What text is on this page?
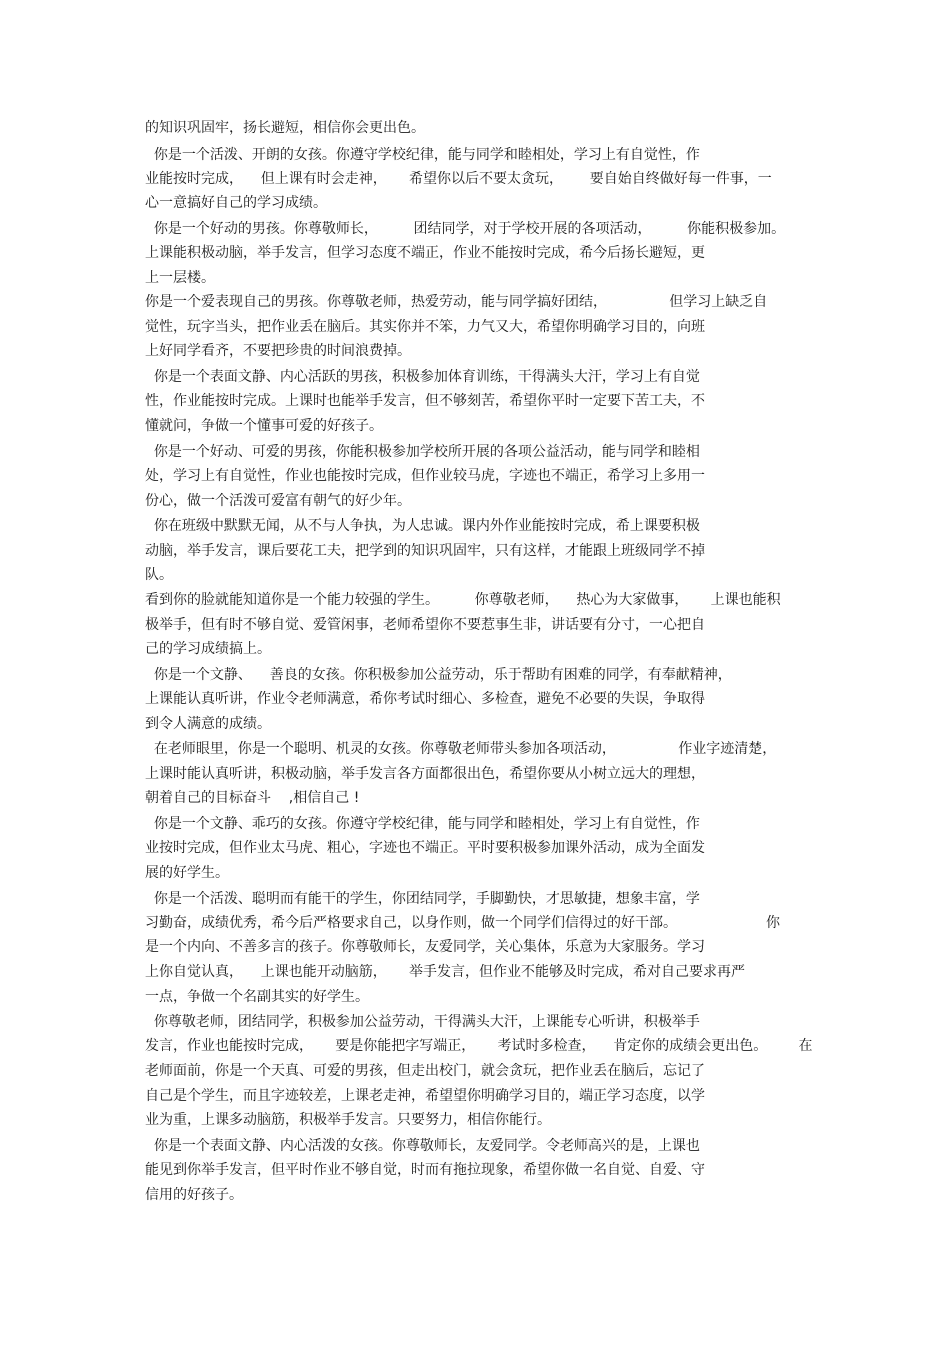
的知识巩固牢，扬长避短，相信你会更出色。
你是一个活泼、开朗的女孩。你遵守学校纪律，能与同学和睦相处，学习上有自觉性，作
业能按时完成，    但上课有时会走神，     希望你以后不要太贪玩，      要自始自终做好每一件事，一
心一意搞好自己的学习成绩。
你是一个好动的男孩。你尊敬师长，        团结同学，对于学校开展的各项活动，        你能积极参加。
上课能积极动脑，举手发言，但学习态度不端正，作业不能按时完成，希今后扬长避短，更
上一层楼。
你是一个爱表现自己的男孩。你尊敬老师，热爱劳动，能与同学搞好团结，              但学习上缺乏自
觉性，玩字当头，把作业丢在脑后。其实你并不笨，力气又大，希望你明确学习目的，向班
上好同学看齐，不要把珍贵的时间浪费掉。
你是一个表面文静、内心活跃的男孩，积极参加体育训练，干得满头大汗，学习上有自觉
性，作业能按时完成。上课时也能举手发言，但不够刻苦，希望你平时一定要下苦工夫，不
懂就问，争做一个懂事可爱的好孩子。
你是一个好动、可爱的男孩，你能积极参加学校所开展的各项公益活动，能与同学和睦相
处，学习上有自觉性，作业也能按时完成，但作业较马虎，字迹也不端正，希学习上多用一
份心，做一个活泼可爱富有朝气的好少年。
你在班级中默默无闻，从不与人争执，为人忠诚。课内外作业能按时完成，希上课要积极
动脑，举手发言，课后要花工夫，把学到的知识巩固牢，只有这样，才能跟上班级同学不掉
队。
看到你的脸就能知道你是一个能力较强的学生。        你尊敬老师，    热心为大家做事，     上课也能积
极举手，但有时不够自觉、爱管闲事，老师希望你不要惹事生非，讲话要有分寸，一心把自
己的学习成绩搞上。
你是一个文静、    善良的女孩。你积极参加公益劳动，乐于帮助有困难的同学，有奉献精神，
上课能认真听讲，作业令老师满意，希你考试时细心、多检查，避免不必要的失误，争取得
到令人满意的成绩。
在老师眼里，你是一个聪明、机灵的女孩。你尊敬老师带头参加各项活动，              作业字迹清楚，
上课时能认真听讲，积极动脑，举手发言各方面都很出色，希望你要从小树立远大的理想，
朝着自己的目标奋斗    ,相信自己 !
你是一个文静、乖巧的女孩。你遵守学校纪律，能与同学和睦相处，学习上有自觉性，作
业按时完成，但作业太马虎、粗心，字迹也不端正。平时要积极参加课外活动，成为全面发
展的好学生。
你是一个活泼、聪明而有能干的学生，你团结同学，手脚勤快，才思敏捷，想象丰富，学
习勤奋，成绩优秀，希今后严格要求自己，以身作则，做一个同学们信得过的好干部。                    你
是一个内向、不善多言的孩子。你尊敬师长，友爱同学，关心集体，乐意为大家服务。学习
上你自觉认真，    上课也能开动脑筋，     举手发言，但作业不能够及时完成，希对自己要求再严
一点，争做一个名副其实的好学生。
你尊敬老师，团结同学，积极参加公益劳动，干得满头大汗，上课能专心听讲，积极举手
发言，作业也能按时完成，     要是你能把字写端正，     考试时多检查，    肯定你的成绩会更出色。       在
老师面前，你是一个天真、可爱的男孩，但走出校门，就会贪玩，把作业丢在脑后，忘记了
自己是个学生，而且字迹较差，上课老走神，希望望你明确学习目的，端正学习态度，以学
业为重，上课多动脑筋，积极举手发言。只要努力，相信你能行。
你是一个表面文静、内心活泼的女孩。你尊敬师长，友爱同学。令老师高兴的是，上课也
能见到你举手发言，但平时作业不够自觉，时而有拖拉现象，希望你做一名自觉、自爱、守
信用的好孩子。
